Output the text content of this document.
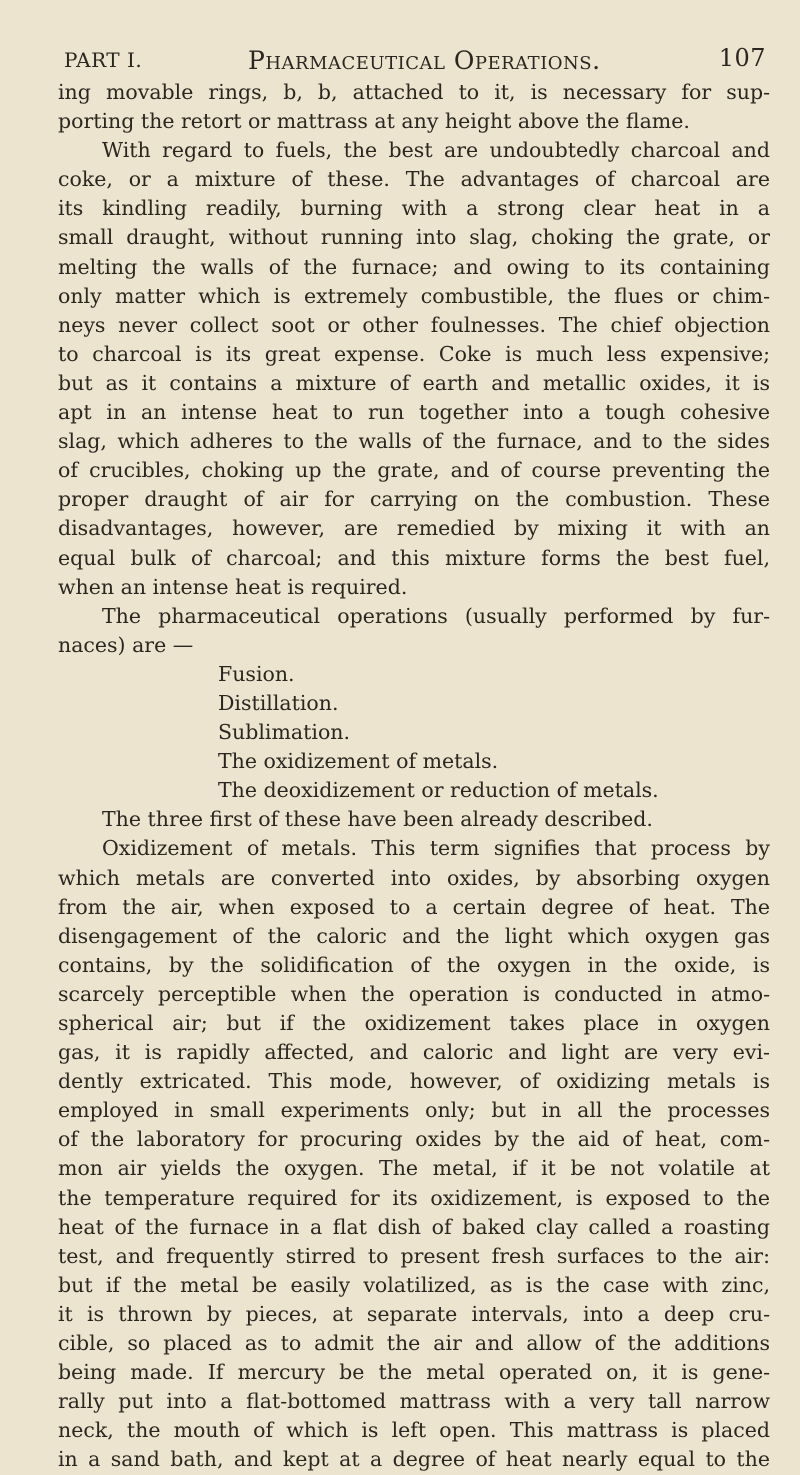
PART I.	Pharmaceutical Operations.	107
ing movable rings, b, b, attached to it, is necessary for sup-
porting the retort or mattrass at any height above the flame.
With regard to fuels, the best are undoubtedly charcoal and
coke, or a mixture of these. The advantages of charcoal are
its kindling readily, burning with a strong clear heat in a
small draught, without running into slag, choking the grate, or
melting the walls of the furnace; and owing to its containing
only matter which is extremely combustible, the flues or chim-
neys never collect soot or other foulnesses. The chief objection
to charcoal is its great expense. Coke is much less expensive;
but as it contains a mixture of earth and metallic oxides, it is
apt in an intense heat to run together into a tough cohesive
slag, which adheres to the walls of the furnace, and to the sides
of crucibles, choking up the grate, and of course preventing the
proper draught of air for carrying on the combustion. These
disadvantages, however, are remedied by mixing it with an
equal bulk of charcoal; and this mixture forms the best fuel,
when an intense heat is required.
The pharmaceutical operations (usually performed by fur-
naces) are —
Fusion.
Distillation.
Sublimation.
The oxidizement of metals.
The deoxidizement or reduction of metals.
The three first of these have been already described.
Oxidizement of metals. This term signifies that process by
which metals are converted into oxides, by absorbing oxygen
from the air, when exposed to a certain degree of heat. The
disengagement of the caloric and the light which oxygen gas
contains, by the solidification of the oxygen in the oxide, is
scarcely perceptible when the operation is conducted in atmo-
spherical air; but if the oxidizement takes place in oxygen
gas, it is rapidly affected, and caloric and light are very evi-
dently extricated. This mode, however, of oxidizing metals is
employed in small experiments only; but in all the processes
of the laboratory for procuring oxides by the aid of heat, com-
mon air yields the oxygen. The metal, if it be not volatile at
the temperature required for its oxidizement, is exposed to the
heat of the furnace in a flat dish of baked clay called a roasting
test, and frequently stirred to present fresh surfaces to the air:
but if the metal be easily volatilized, as is the case with zinc,
it is thrown by pieces, at separate intervals, into a deep cru-
cible, so placed as to admit the air and allow of the additions
being made. If mercury be the metal operated on, it is gene-
rally put into a flat-bottomed mattrass with a very tall narrow
neck, the mouth of which is left open. This mattrass is placed
in a sand bath, and kept at a degree of heat nearly equal to the
